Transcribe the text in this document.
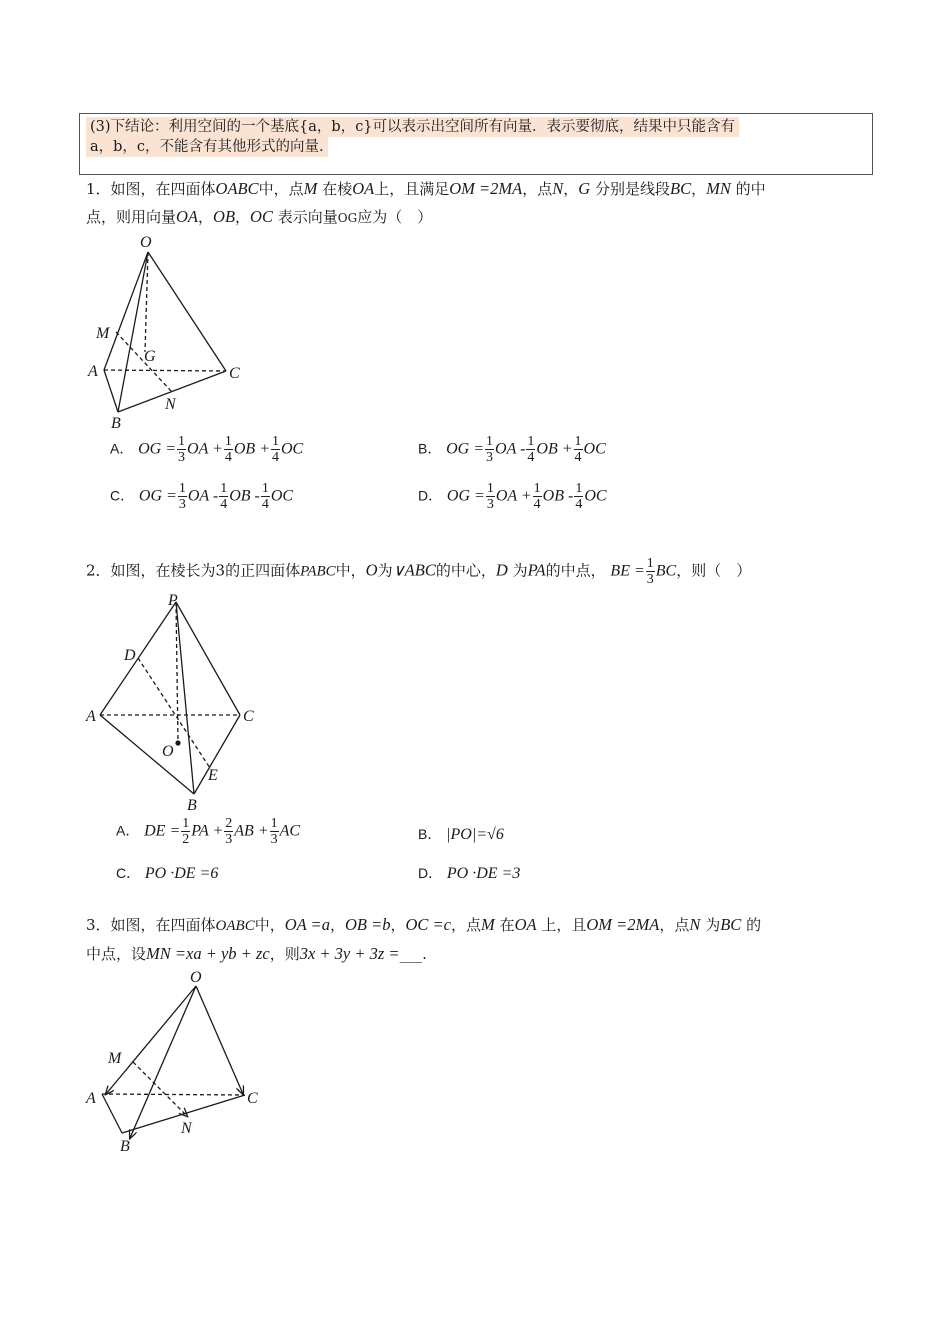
(3)下结论：利用空间的一个基底{a，b，c}可以表示出空间所有向量．表示要彻底，结果中只能含有
a，b，c，不能含有其他形式的向量.
1．如图，在四面体OABC中，点M 在棱OA上，且满足OM =2MA，点N，G 分别是线段BC，MN 的中
点，则用向量OA，OB，OC 表示向量OG应为（　）
O
M
G
A	C
N
B
A． OG = $\frac{1}{3}$ OA + $\frac{1}{4}$ OB + $\frac{1}{4}$ OC	B． OG = $\frac{1}{3}$ OA - $\frac{1}{4}$ OB + $\frac{1}{4}$ OC
C． OG = $\frac{1}{3}$ OA - $\frac{1}{4}$ OB - $\frac{1}{4}$ OC	D． OG = $\frac{1}{3}$ OA + $\frac{1}{4}$ OB - $\frac{1}{4}$ OC
2．如图，在棱长为3的正四面体PABC中，O为∨ABC的中心，D 为PA的中点， BE = $\frac{1}{3}$ BC，则（　）
P
D
A	C
O
E
B
A． DE = $\frac{1}{2}$ PA + $\frac{2}{3}$ AB + $\frac{1}{3}$ AC	B． |PO|=√6
C． PO ·DE =6	D． PO ·DE =3
3．如图，在四面体OABC中，OA =a，OB =b，OC =c，点M 在OA 上，且OM =2MA，点N 为BC 的
中点，设MN =xa + yb + zc，则3x + 3y + 3z =___.
O
M
A	C
N
B
